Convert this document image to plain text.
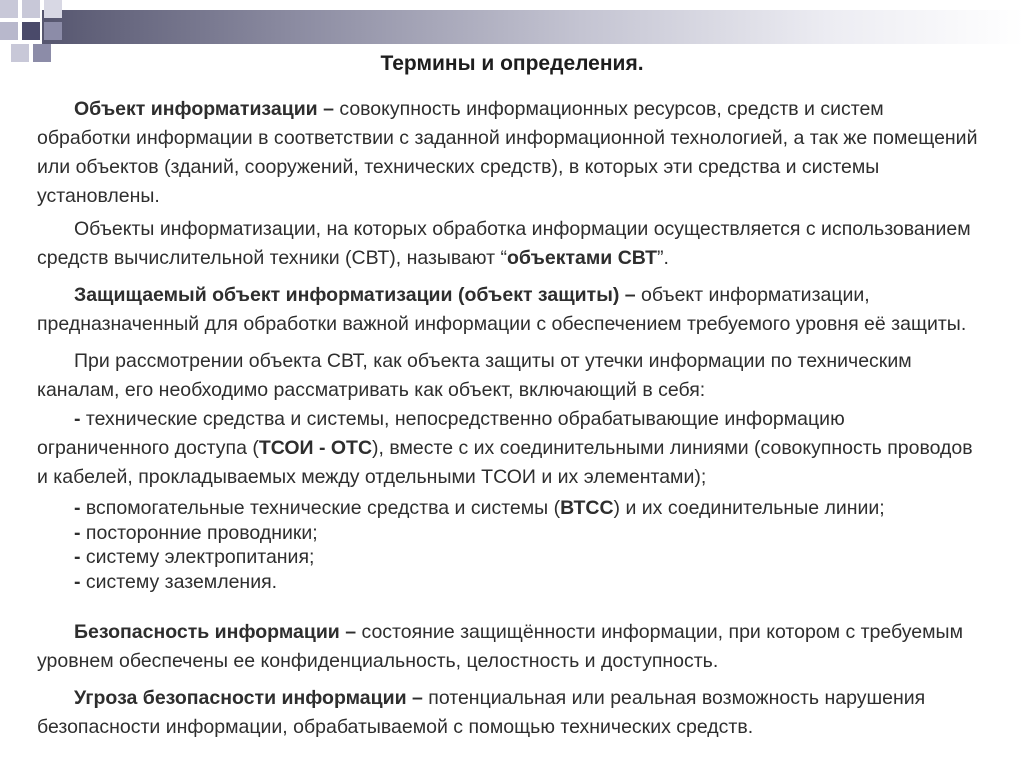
Термины и определения.

Объект информатизации – совокупность информационных ресурсов, средств и систем обработки информации в соответствии с заданной информационной технологией, а так же помещений или объектов (зданий, сооружений, технических средств), в которых эти средства и системы установлены.

Объекты информатизации, на которых обработка информации осуществляется с использованием средств вычислительной техники (СВТ), называют “объектами СВТ”.

Защищаемый объект информатизации (объект защиты) – объект информатизации, предназначенный для обработки важной информации с обеспечением требуемого уровня её защиты.

При рассмотрении объекта СВТ, как объекта защиты от утечки информации по техническим каналам, его необходимо рассматривать как объект, включающий в себя:

- технические средства и системы, непосредственно обрабатывающие информацию ограниченного доступа (ТСОИ - ОТС), вместе с их соединительными линиями (совокупность проводов и кабелей, прокладываемых между отдельными ТСОИ и их элементами);

- вспомогательные технические средства и системы (ВТСС) и их соединительные линии;

- посторонние проводники;

- систему электропитания;

- систему заземления.

Безопасность информации – состояние защищённости информации, при котором с требуемым уровнем обеспечены ее конфиденциальность, целостность и доступность.

Угроза безопасности информации – потенциальная или реальная возможность нарушения безопасности информации, обрабатываемой с помощью технических средств.
